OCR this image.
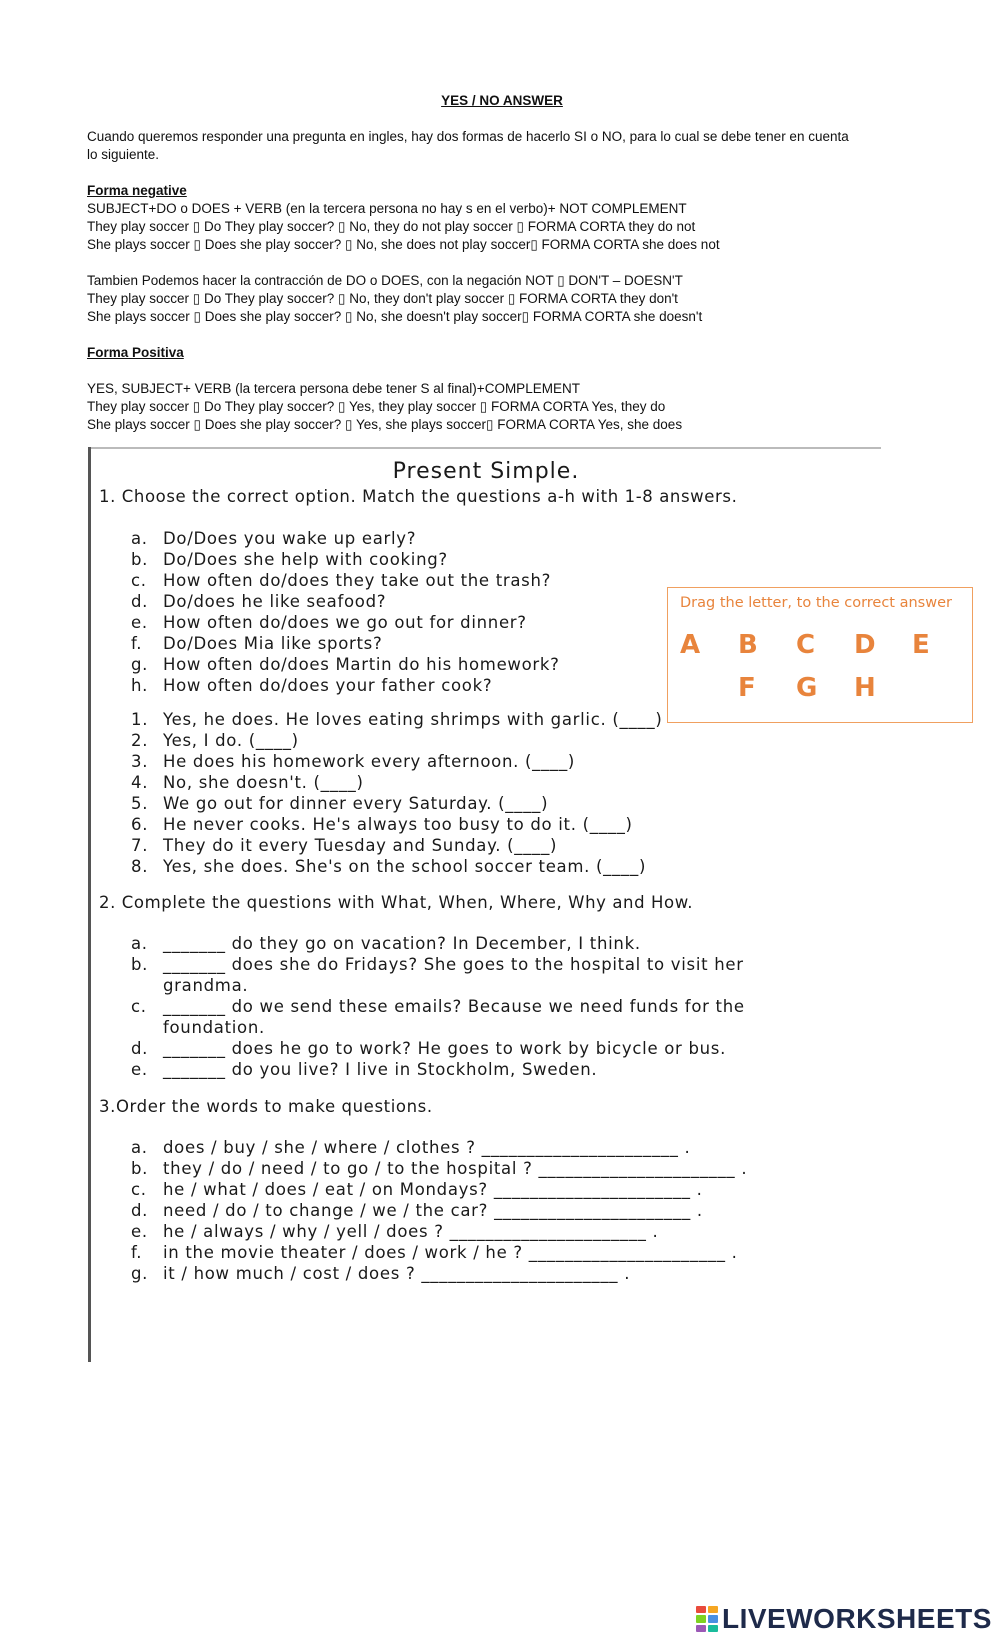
YES / NO ANSWER

Cuando queremos responder una pregunta en ingles, hay dos formas de hacerlo SI o NO, para lo cual se debe tener en cuenta

lo siguiente.

Forma negative

SUBJECT+DO o DOES + VERB (en la tercera persona no hay s en el verbo)+ NOT COMPLEMENT

They play soccer ▯ Do They play soccer? ▯ No, they do not play soccer ▯ FORMA CORTA they do not

She plays soccer ▯ Does she play soccer? ▯ No, she does not play soccer▯ FORMA CORTA she does not

Tambien Podemos hacer la contracción de DO o DOES, con la negación NOT ▯ DON'T – DOESN'T

They play soccer ▯ Do They play soccer? ▯ No, they don't play soccer ▯ FORMA CORTA they don't

She plays soccer ▯ Does she play soccer? ▯ No, she doesn't play soccer▯ FORMA CORTA she doesn't

Forma Positiva

YES, SUBJECT+ VERB (la tercera persona debe tener S al final)+COMPLEMENT

They play soccer ▯ Do They play soccer? ▯ Yes, they play soccer ▯ FORMA CORTA Yes, they do

She plays soccer ▯ Does she play soccer? ▯ Yes, she plays soccer▯ FORMA CORTA Yes, she does

Present Simple.
1. Choose the correct option. Match the questions a-h with 1-8 answers.
a. Do/Does you wake up early?
b. Do/Does she help with cooking?
c. How often do/does they take out the trash?
d. Do/does he like seafood?
e. How often do/does we go out for dinner?
f.	Do/Does Mia like sports?
g. How often do/does Martin do his homework?
h. How often do/does your father cook?
1. Yes, he does. He loves eating shrimps with garlic. (____)
2. Yes, I do. (____)
3. He does his homework every afternoon. (____)
4. No, she doesn't. (____)
5. We go out for dinner every Saturday. (____)
6. He never cooks. He's always too busy to do it. (____)
7. They do it every Tuesday and Sunday. (____)
8. Yes, she does. She's on the school soccer team. (____)
2. Complete the questions with What, When, Where, Why and How.
a. _______ do they go on vacation? In December, I think.
b. _______ does she do Fridays? She goes to the hospital to visit her
grandma.
c. _______ do we send these emails? Because we need funds for the
foundation.
d. _______ does he go to work? He goes to work by bicycle or bus.
e. _______ do you live? I live in Stockholm, Sweden.
3.Order the words to make questions.
a. does / buy / she / where / clothes ? ______________________ .
b. they / do / need / to go / to the hospital ? ______________________ .
c. he / what / does / eat / on Mondays? ______________________ .
d. need / do / to change / we / the car? ______________________ .
e. he / always / why / yell / does ? ______________________ .
f.	in the movie theater / does / work / he ? ______________________ .
g. it / how much / cost / does ? ______________________ .
Drag the letter, to the correct answer
A B C D E
F G H
LIVEWORKSHEETS
